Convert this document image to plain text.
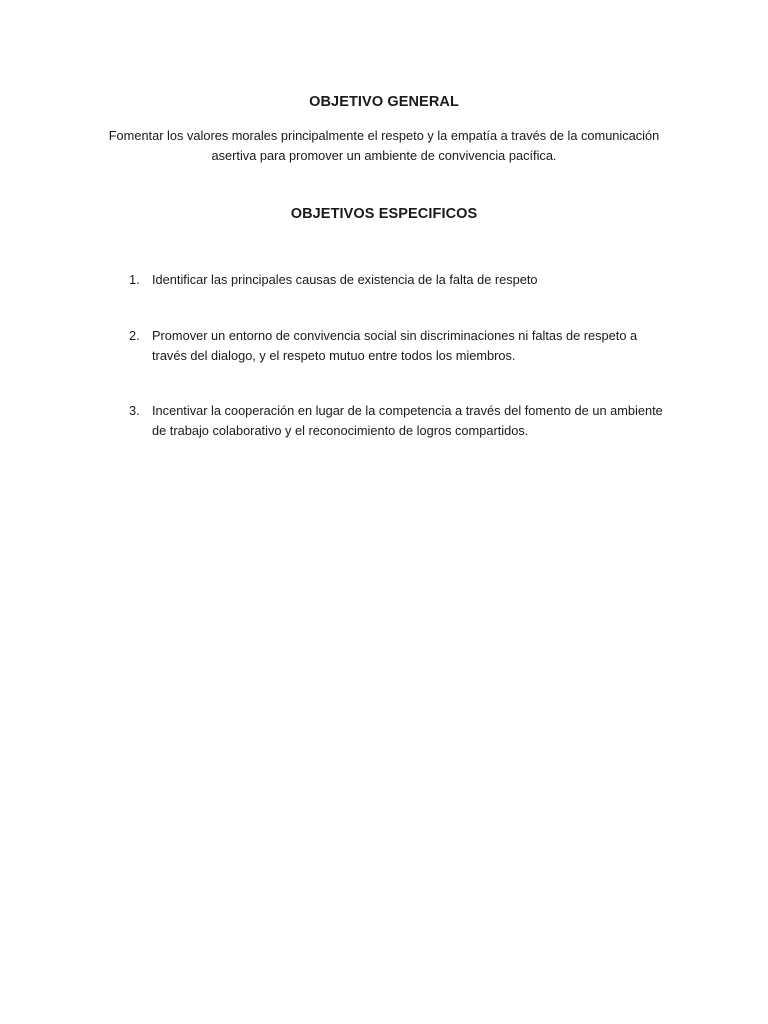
OBJETIVO GENERAL
Fomentar los valores morales principalmente el respeto y la empatía a través de la comunicación asertiva para promover un ambiente de convivencia pacífica.
OBJETIVOS ESPECIFICOS
1. Identificar las principales causas de existencia de la falta de respeto
2. Promover un entorno de convivencia social sin discriminaciones ni faltas de respeto a través del dialogo, y el respeto mutuo entre todos los miembros.
3. Incentivar la cooperación en lugar de la competencia a través del fomento de un ambiente de trabajo colaborativo y el reconocimiento de logros compartidos.
